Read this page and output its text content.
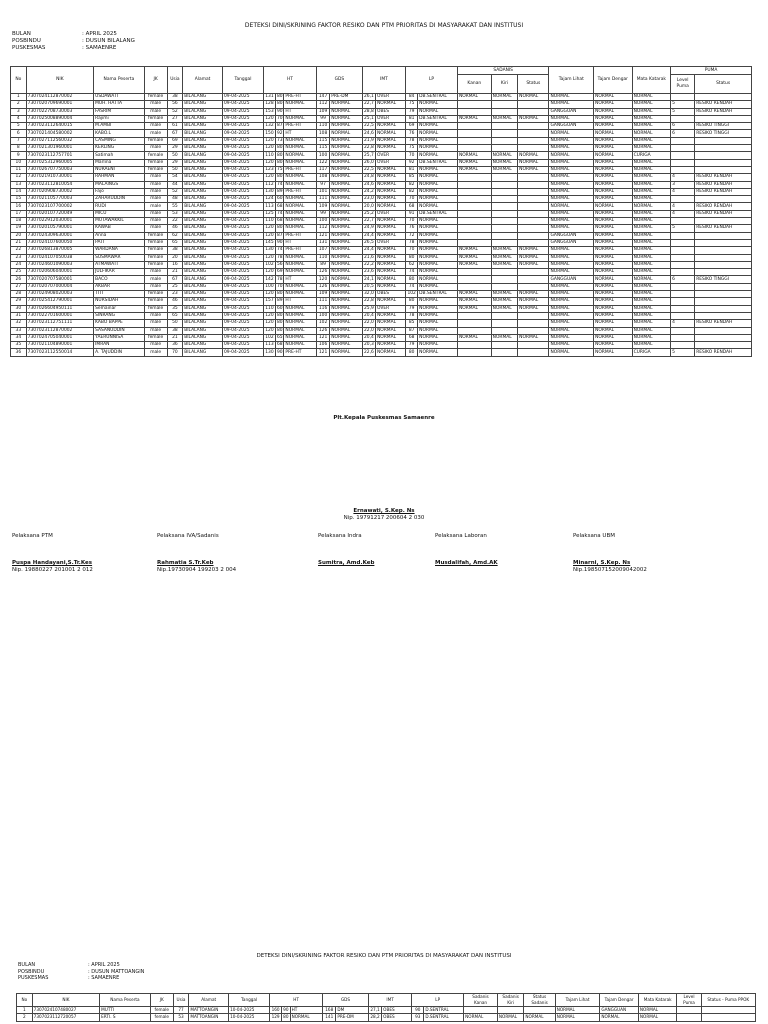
DETEKSI DINI/SKRINING FAKTOR RESIKO DAN PTM PRIORITAS DI MASYARAKAT DAN INSTITUSI
BULAN	: APRIL 2025
POSBINDU	: DUSUN BILALANG
PUSKESMAS	: SAMAENRE
No	NIK	Nama Peserta	JK	Usia	Alamat	Tanggal	HT			GDS		IMT		LP		SADANIS			Tajam Lihat	Tajam Dengar	Mata Katarak	PUMA	
																Kanan	Kiri	Status				Level Puma	Status
1	7307024112870002	USDAWATI	female	38	BILALANG	09-04-2025	131	80	PRE-HT	147	PRE-DM	26,1	OVER	84	DB.SENTRAL	NORMAL	NORMAL	NORMAL	NORMAL	NORMAL	NORMAL		
2	7307020709690001	MUH. HATTA	male	56	BILALANG	09-04-2025	128	80	NORMAL	112	NORMAL	22,7	NORMAL	75	NORMAL				NORMAL	NORMAL	NORMAL	5	RESIKO RENDAH
3	7307022708730003	FASRIM	male	52	BILALANG	09-04-2025	153	90	HT	109	NORMAL	28,8	OBES	79	NORMAL				GANGGUAN	NORMAL	NORMAL	5	RESIKO RENDAH
4	7307025008890004	Rajimi	female	27	BILALANG	09-04-2025	120	70	NORMAL	99	NORMAL	25,1	OVER	81	DB.SENTRAL	NORMAL	NORMAL	NORMAL	NORMAL	NORMAL	NORMAL		
5	7307023112640015	M.AMBI	male	61	BILALANG	09-04-2025	132	87	PRE-HT	110	NORMAL	22,5	NORMAL	69	NORMAL				GANGGUAN	NORMAL	NORMAL	6	RESIKO TINGGI
6	7307021404580002	KABO.L	male	67	BILALANG	09-04-2025	150	92	HT	108	NORMAL	24,6	NORMAL	76	NORMAL				NORMAL	NORMAL	NORMAL	6	RESIKO TINGGI
7	7307027112560032	CASMING	female	69	BILALANG	09-04-2025	120	73	NORMAL	115	NORMAL	21,9	NORMAL	78	NORMAL				NORMAL	NORMAL	NORMAL		
8	7307021301960001	KERLING	male	29	BILALANG	09-04-2025	120	80	NORMAL	115	NORMAL	22,8	NORMAL	75	NORMAL				NORMAL	NORMAL	NORMAL		
9	7307023112757701	Satimah	female	50	BILALANG	09-04-2025	110	80	NORMAL	100	NORMAL	25,7	OVER	70	NORMAL	NORMAL	NORMAL	NORMAL	NORMAL	NORMAL	CURIGA		
10	7307025312960005	Marlina	female	29	BILALANG	09-04-2025	120	80	NORMAL	122	NORMAL	26,0	OVER	92	DB.SENTRAL	NORMAL	NORMAL	NORMAL	NORMAL	NORMAL	NORMAL		
11	7307026707750003	NURAENI	female	50	BILALANG	09-04-2025	123	75	PRE-HT	117	NORMAL	22,5	NORMAL	81	NORMAL	NORMAL	NORMAL	NORMAL	NORMAL	NORMAL	NORMAL		
12	7307021910730001	RAHMAN	male	54	BILALANG	09-04-2025	120	80	NORMAL	108	NORMAL	24,8	NORMAL	85	NORMAL				NORMAL	NORMAL	NORMAL	4	RESIKO RENDAH
13	7307023112810054	MALAINGS	male	44	BILALANG	09-04-2025	112	74	NORMAL	97	NORMAL	24,6	NORMAL	82	NORMAL				NORMAL	NORMAL	NORMAL	3	RESIKO RENDAH
14	7307020908730002	Fajo	male	52	BILALANG	09-04-2025	130	89	PRE-HT	101	NORMAL	24,2	NORMAL	82	NORMAL				NORMAL	NORMAL	NORMAL	4	RESIKO RENDAH
15	7307021105770003	ZAHARUDDIN	male	48	BILALANG	09-04-2025	124	60	NORMAL	111	NORMAL	23,0	NORMAL	70	NORMAL				NORMAL	NORMAL	NORMAL		
16	7307023107700002	RUDI	male	55	BILALANG	09-04-2025	113	68	NORMAL	109	NORMAL	20,0	NORMAL	68	NORMAL				NORMAL	NORMAL	NORMAL	4	RESIKO RENDAH
17	7307020107720049	MICU	male	53	BILALANG	09-04-2025	125	74	NORMAL	99	NORMAL	25,2	OVER	91	DB.SENTRAL				NORMAL	NORMAL	NORMAL	4	RESIKO RENDAH
18	7307022912030001	MUTAWAKKIL	male	22	BILALANG	09-04-2025	110	68	NORMAL	100	NORMAL	22,7	NORMAL	70	NORMAL				NORMAL	NORMAL	NORMAL		
19	7307020105790001	KAWAB	male	46	BILALANG	09-04-2025	120	80	NORMAL	112	NORMAL	24,9	NORMAL	76	NORMAL				NORMAL	NORMAL	NORMAL	5	RESIKO RENDAH
20	7307024309630001	Anna	female	62	BILALANG	09-04-2025	120	87	PRE-HT	121	NORMAL	24,4	NORMAL	72	NORMAL				GANGGUAN	NORMAL	NORMAL		
21	7307024107600050	PATI	female	65	BILALANG	09-04-2025	145	90	HT	131	NORMAL	26,5	OVER	78	NORMAL				GANGGUAN	NORMAL	NORMAL		
22	7307026813870005	WARDANA	female	38	BILALANG	09-04-2025	130	74	PRE-HT	107	NORMAL	24,4	NORMAL	70	NORMAL	NORMAL	NORMAL	NORMAL	NORMAL	NORMAL	NORMAL		
23	7307024107050038	SUSMAWAR	female	20	BILALANG	09-04-2025	120	78	NORMAL	110	NORMAL	21,6	NORMAL	80	NORMAL	NORMAL	NORMAL	NORMAL	NORMAL	NORMAL	NORMAL		
24	7307024601090003	ATMAWATI	female	16	BILALANG	09-04-2025	102	56	NORMAL	89	NORMAL	22,2	NORMAL	62	NORMAL	NORMAL	NORMAL	NORMAL	NORMAL	NORMAL	NORMAL		
25	7307020606040001	JULFIKAR	male	21	BILALANG	09-04-2025	120	69	NORMAL	126	NORMAL	23,6	NORMAL	74	NORMAL				NORMAL	NORMAL	NORMAL		
26	7307020707580001	BACO	male	67	BILALANG	09-04-2025	142	78	HT	120	NORMAL	24,1	NORMAL	80	NORMAL				GANGGUAN	NORMAL	NORMAL	6	RESIKO TINGGI
27	7307020707000004	AKBAR	male	25	BILALANG	09-04-2025	100	70	NORMAL	126	NORMAL	20,5	NORMAL	74	NORMAL				NORMAL	NORMAL	NORMAL		
28	7307024908020003	TITI	female	23	BILALANG	09-04-2025	120	80	NORMAL	109	NORMAL	32,0	OBES	102	DB.SENTRAL	NORMAL	NORMAL	NORMAL	NORMAL	NORMAL	NORMAL		
29	7307025412790001	NURSIDAH	female	46	BILALANG	09-04-2025	157	89	HT	111	NORMAL	22,8	NORMAL	80	NORMAL	NORMAL	NORMAL	NORMAL	NORMAL	NORMAL	NORMAL		
30	7307026604950111	Semainar	female	35	BILALANG	09-04-2025	110	60	NORMAL	116	NORMAL	25,9	OVER	79	NORMAL	NORMAL	NORMAL	NORMAL	NORMAL	NORMAL	NORMAL		
31	7307022701600001	SINRANG	male	65	BILALANG	09-04-2025	120	80	NORMAL	100	NORMAL	20,4	NORMAL	78	NORMAL				NORMAL	NORMAL	NORMAL		
32	7307023112751111	KABO BAPPE	male	50	BILALANG	09-04-2025	120	80	NORMAL	102	NORMAL	22,0	NORMAL	85	NORMAL				NORMAL	NORMAL	NORMAL	4	RESIKO RENDAH
33	7307023112870002	SASANUDDIN	male	38	BILALANG	09-04-2025	120	80	NORMAL	126	NORMAL	22,0	NORMAL	87	NORMAL				NORMAL	NORMAL	NORMAL		
34	7307024705040001	YAERUNNISA	female	21	BILALANG	09-04-2025	102	65	NORMAL	121	NORMAL	20,4	NORMAL	68	NORMAL	NORMAL	NORMAL	NORMAL	NORMAL	NORMAL	NORMAL		
35	7307021104890001	IMRAN	male	36	BILALANG	09-04-2025	113	68	NORMAL	106	NORMAL	20,3	NORMAL	79	NORMAL				NORMAL	NORMAL	NORMAL		
36	7307023112550014	A. TAJUDDIN	male	70	BILALANG	09-04-2025	130	90	PRE-HT	121	NORMAL	22,6	NORMAL	80	NORMAL				NORMAL	NORMAL	CURIGA	5	RESIKO RENDAH
Plt.Kepala Puskesmas Samaenre
Ernawati, S.Kep. Ns
Nip. 19791217 200604 2 030
Pelaksana PTM	Pelaksana IVA/Sadanis	Pelaksana Indra	Pelaksana Laboran	Pelaksana UBM
Puspa Handayani,S.Tr.Kes
Nip. 19880227 201001 2 012
Rahmatia S.Tr.Keb
Nip.19730904 199203 2 004
Sumitra, Amd.Keb	Musdalifah, Amd.AK	Minarni, S.Kep. Ns
Nip.198507152009042002
DETEKSI DINI/SKRINING FAKTOR RESIKO DAN PTM PRIORITAS DI MASYARAKAT DAN INSTITUSI
BULAN	: APRIL 2025
POSBINDU	: DUSUN MATTOANGIN
PUSKESMAS	: SAMAENRE
No	NIK	Nama Peserta	JK	Usia	Alamat	Tanggal	HT			GDS		IMT		LP		Sadanis Kanan	Sadanis Kiri	Status Sadanis	Tajam Lihat	Tajam Dengar	Mata Katarak	Level Puma	Status - Puma PPOK
1	7307024107480027	MUTTI	female	77	MATTOANGIN	10-04-2025	160	90	HT	168	DM	27,1	OBES	90	D.SENTRAL				NORMAL	GANGGUAN	NORMAL		
2	7307023112720057	ERTI. S	female	53	MATTOANGIN	10-04-2025	129	80	NORMAL	141	PRE-DM	28,2	OBES	93	D.SENTRAL	NORMAL	NORMAL	NORMAL	NORMAL	NORMAL	NORMAL		
